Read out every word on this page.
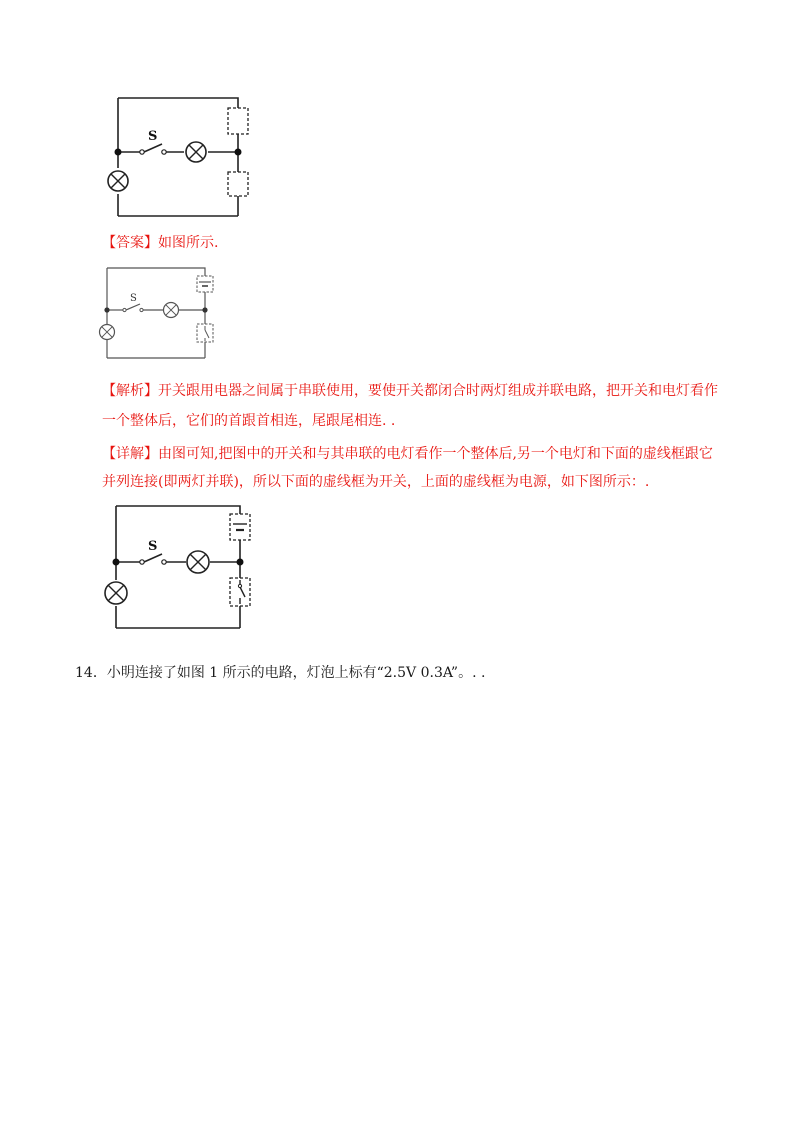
S
【答案】如图所示.
S
【解析】开关跟用电器之间属于串联使用，要使开关都闭合时两灯组成并联电路，把开关和电灯看作
一个整体后，它们的首跟首相连，尾跟尾相连. .
【详解】由图可知,把图中的开关和与其串联的电灯看作一个整体后,另一个电灯和下面的虚线框跟它
并列连接(即两灯并联)，所以下面的虚线框为开关，上面的虚线框为电源，如下图所示：.
S
14．小明连接了如图 1 所示的电路，灯泡上标有“2.5V 0.3A”。. .
